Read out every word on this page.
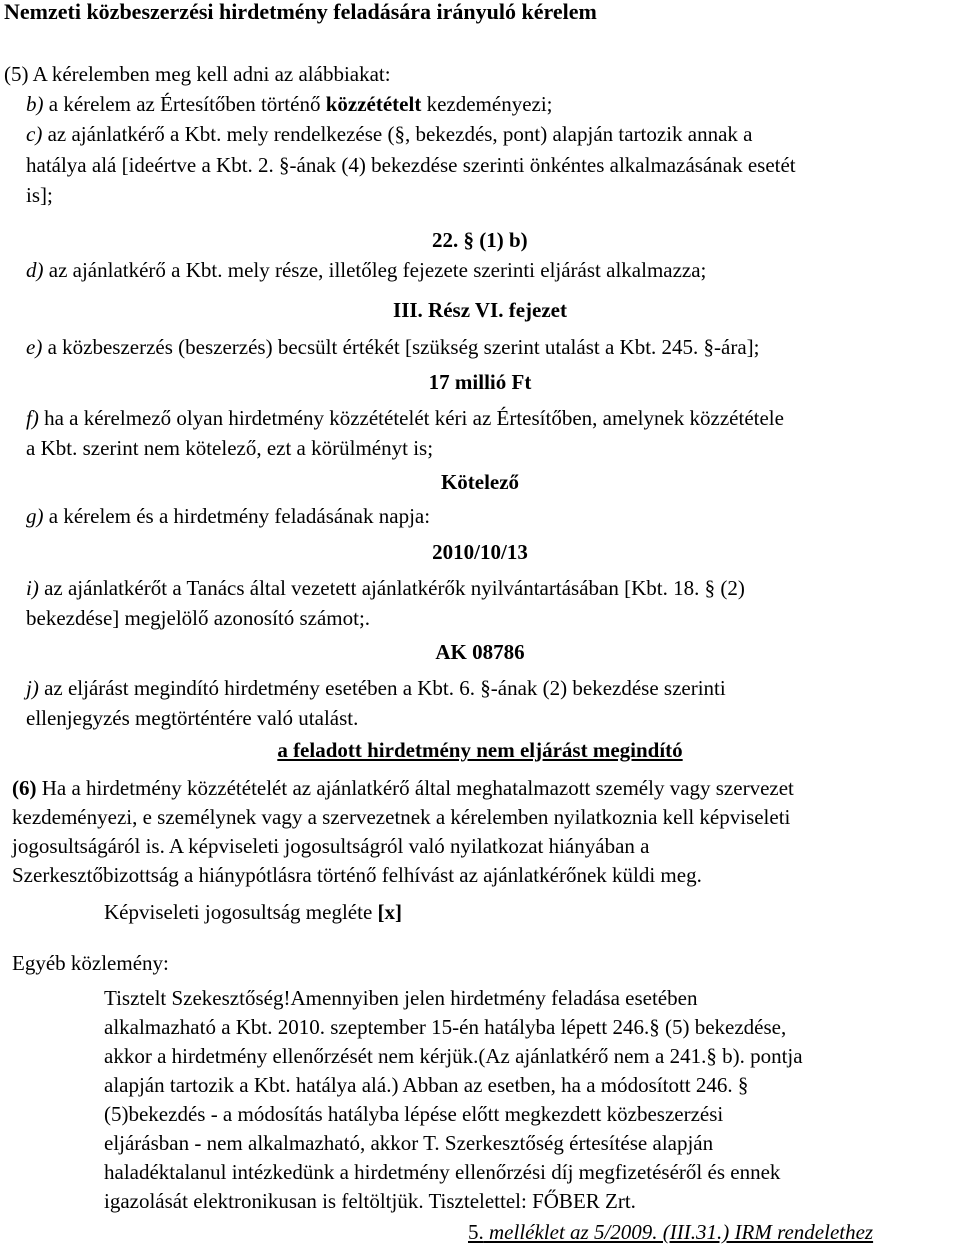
Nemzeti közbeszerzési hirdetmény feladására irányuló kérelem
(5) A kérelemben meg kell adni az alábbiakat:
b) a kérelem az Értesítőben történő közzétételt kezdeményezi;
c) az ajánlatkérő a Kbt. mely rendelkezése (§, bekezdés, pont) alapján tartozik annak a
hatálya alá [ideértve a Kbt. 2. §-ának (4) bekezdése szerinti önkéntes alkalmazásának esetét
is];
22. § (1) b)
d) az ajánlatkérő a Kbt. mely része, illetőleg fejezete szerinti eljárást alkalmazza;
III. Rész VI. fejezet
e) a közbeszerzés (beszerzés) becsült értékét [szükség szerint utalást a Kbt. 245. §-ára];
17 millió Ft
f) ha a kérelmező olyan hirdetmény közzétételét kéri az Értesítőben, amelynek közzététele
a Kbt. szerint nem kötelező, ezt a körülményt is;
Kötelező
g) a kérelem és a hirdetmény feladásának napja:
2010/10/13
i) az ajánlatkérőt a Tanács által vezetett ajánlatkérők nyilvántartásában [Kbt. 18. § (2)
bekezdése] megjelölő azonosító számot;.
AK 08786
j) az eljárást megindító hirdetmény esetében a Kbt. 6. §-ának (2) bekezdése szerinti
ellenjegyzés megtörténtére való utalást.
a feladott hirdetmény nem eljárást megindító
(6) Ha a hirdetmény közzétételét az ajánlatkérő által meghatalmazott személy vagy szervezet
kezdeményezi, e személynek vagy a szervezetnek a kérelemben nyilatkoznia kell képviseleti
jogosultságáról is. A képviseleti jogosultságról való nyilatkozat hiányában a
Szerkesztőbizottság a hiánypótlásra történő felhívást az ajánlatkérőnek küldi meg.
Képviseleti jogosultság megléte [x]
Egyéb közlemény:
Tisztelt Szekesztőség!Amennyiben jelen hirdetmény feladása esetében
alkalmazható a Kbt. 2010. szeptember 15-én hatályba lépett 246.§ (5) bekezdése,
akkor a hirdetmény ellenőrzését nem kérjük.(Az ajánlatkérő nem a 241.§ b). pontja
alapján tartozik a Kbt. hatálya alá.) Abban az esetben, ha a módosított 246. §
(5)bekezdés - a módosítás hatályba lépése előtt megkezdett közbeszerzési
eljárásban - nem alkalmazható, akkor T. Szerkesztőség értesítése alapján
haladéktalanul intézkedünk a hirdetmény ellenőrzési díj megfizetéséről és ennek
igazolását elektronikusan is feltöltjük. Tisztelettel: FŐBER Zrt.
5. melléklet az 5/2009. (III.31.) IRM rendelethez
